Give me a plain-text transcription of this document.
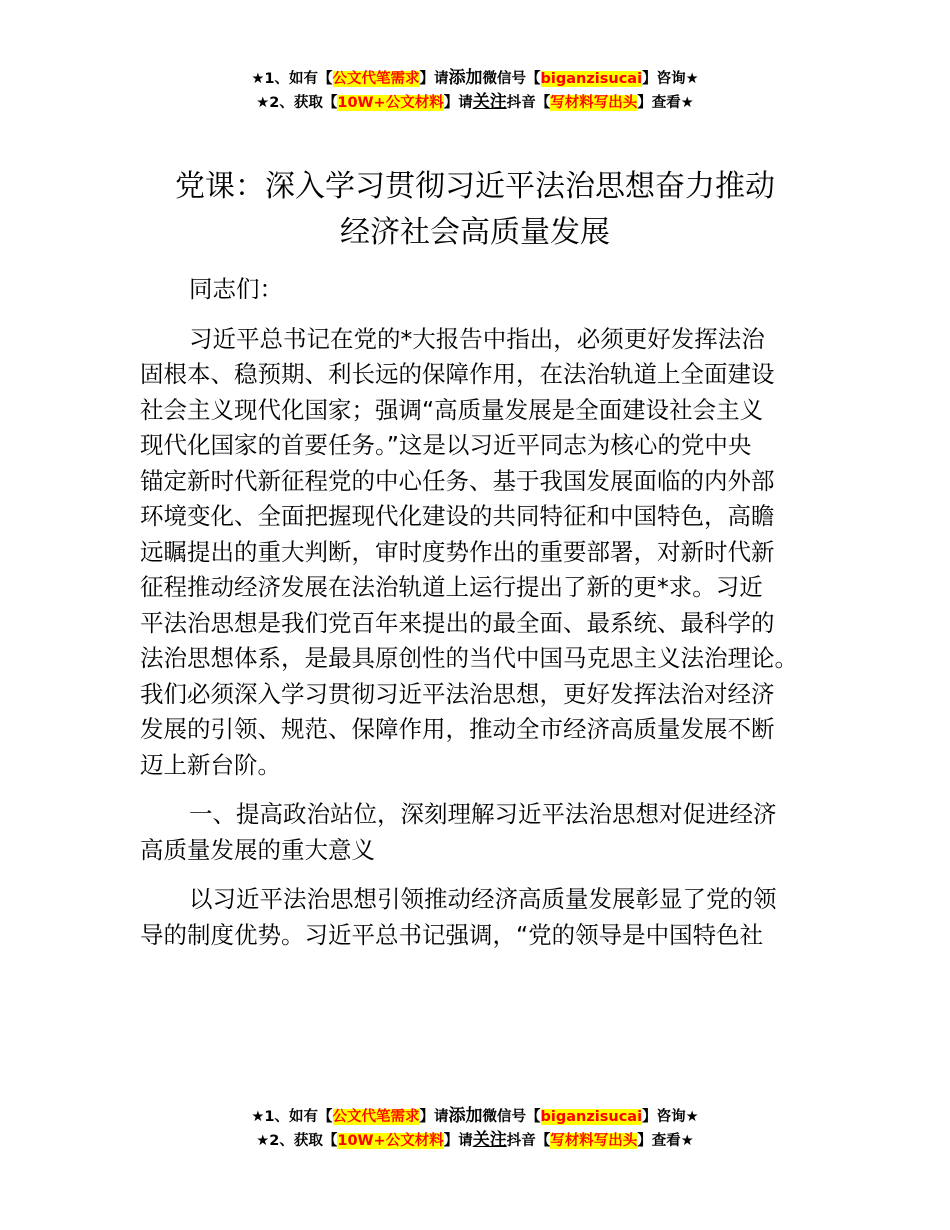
★1、如有【公文代笔需求】请添加微信号【biganzisucai】咨询★
★2、获取【10W+公文材料】请关注抖音【写材料写出头】查看★
党课：深入学习贯彻习近平法治思想奋力推动
经济社会高质量发展

同志们：

习近平总书记在党的*大报告中指出，必须更好发挥法治
固根本、稳预期、利长远的保障作用，在法治轨道上全面建设
社会主义现代化国家；强调“高质量发展是全面建设社会主义
现代化国家的首要任务。”这是以习近平同志为核心的党中央
锚定新时代新征程党的中心任务、基于我国发展面临的内外部
环境变化、全面把握现代化建设的共同特征和中国特色，高瞻
远瞩提出的重大判断，审时度势作出的重要部署，对新时代新
征程推动经济发展在法治轨道上运行提出了新的更*求。习近
平法治思想是我们党百年来提出的最全面、最系统、最科学的
法治思想体系，是最具原创性的当代中国马克思主义法治理论。
我们必须深入学习贯彻习近平法治思想，更好发挥法治对经济
发展的引领、规范、保障作用，推动全市经济高质量发展不断
迈上新台阶。

一、提高政治站位，深刻理解习近平法治思想对促进经济
高质量发展的重大意义

以习近平法治思想引领推动经济高质量发展彰显了党的领
导的制度优势。习近平总书记强调，“党的领导是中国特色社

★1、如有【公文代笔需求】请添加微信号【biganzisucai】咨询★
★2、获取【10W+公文材料】请关注抖音【写材料写出头】查看★
